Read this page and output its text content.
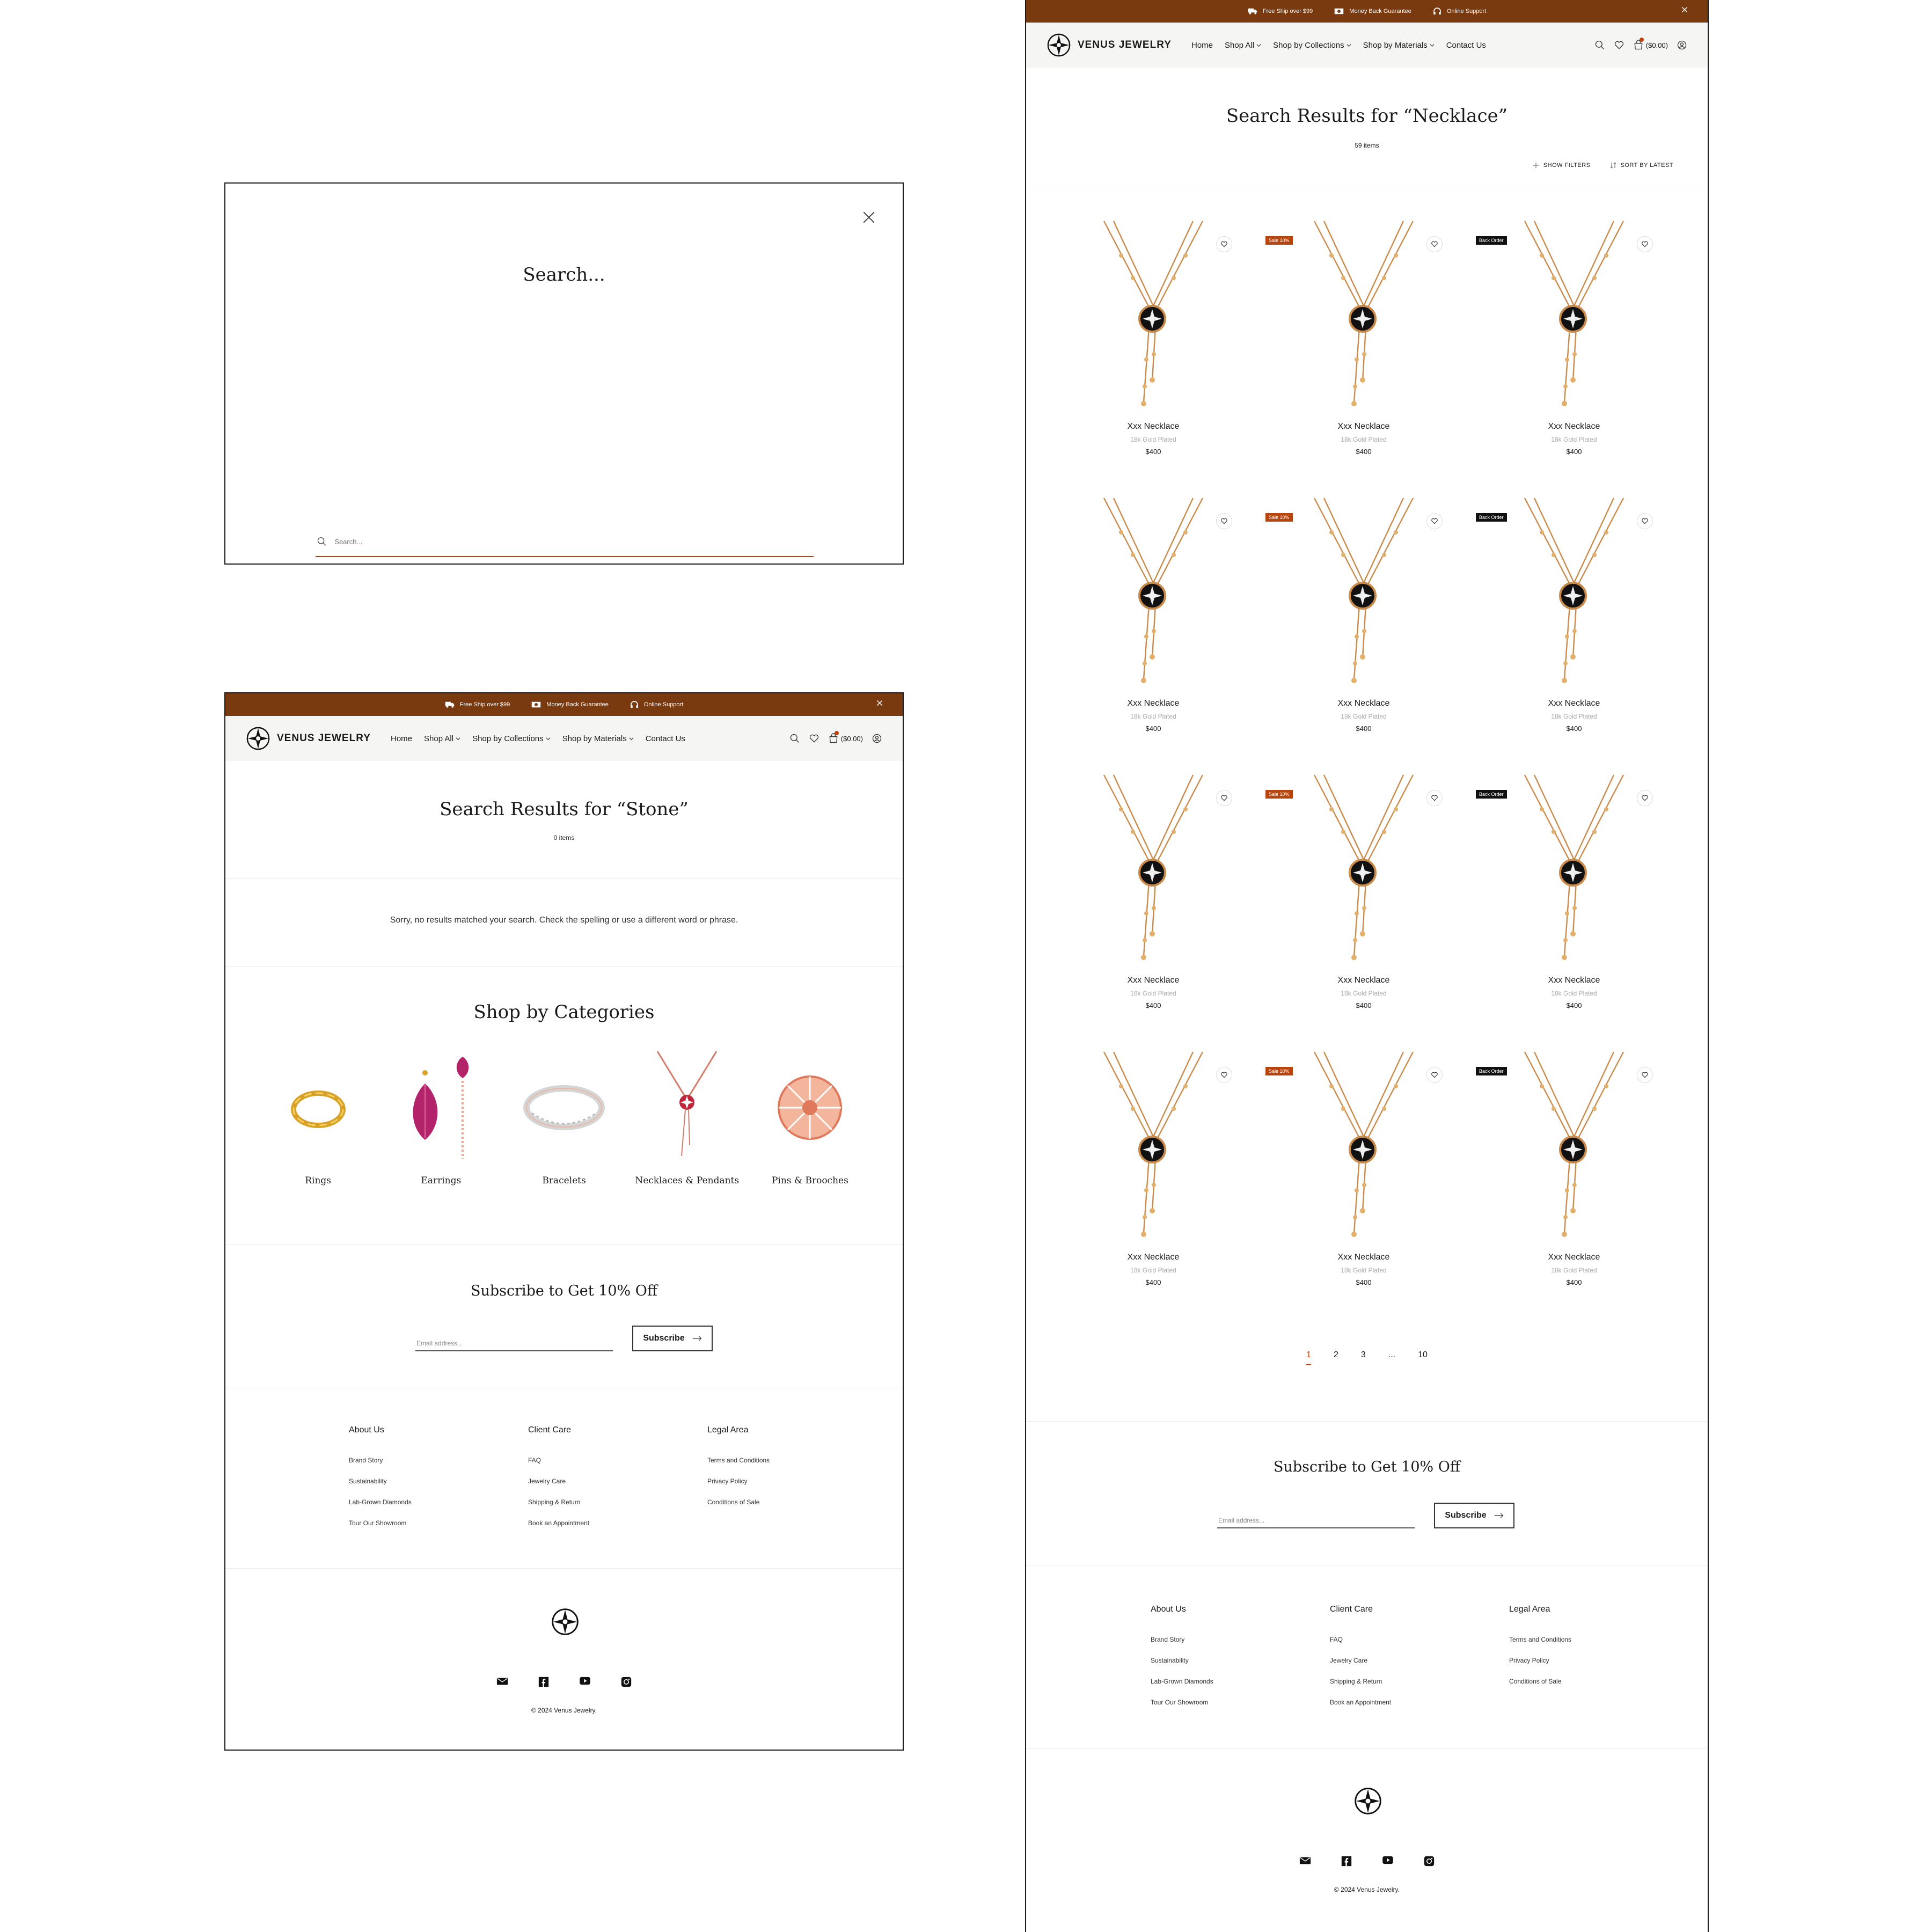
Search...
Search...
Free Ship over $99	Money Back Guarantee	Online Support
VENUS JEWELRY Home Shop All Shop by Collections Shop by Materials Contact Us	($0.00)
Search Results for “Stone”
0 items
Sorry, no results matched your search. Check the spelling or use a different word or phrase.
Shop by Categories
Rings	Earrings	Bracelets	Necklaces & Pendants	Pins & Brooches
Subscribe to Get 10% Off
Email address...
Subscribe
About Us
Brand Story
Sustainability
Lab-Grown Diamonds
Tour Our Showroom
Client Care
FAQ
Jewelry Care
Shipping & Return
Book an Appointment
Legal Area
Terms and Conditions
Privacy Policy
Conditions of Sale
© 2024 Venus Jewelry.
Free Ship over $99	Money Back Guarantee	Online Support
VENUS JEWELRY Home Shop All Shop by Collections Shop by Materials Contact Us	($0.00)
Search Results for “Necklace”
59 items
SHOW FILTERS	SORT BY LATEST
Xxx Necklace
18k Gold Plated
$400
Sale 10%
Xxx Necklace
18k Gold Plated
$400
Back Order
Xxx Necklace
18k Gold Plated
$400
Xxx Necklace
18k Gold Plated
$400
Sale 10%
Xxx Necklace
18k Gold Plated
$400
Back Order
Xxx Necklace
18k Gold Plated
$400
Xxx Necklace
18k Gold Plated
$400
Sale 10%
Xxx Necklace
18k Gold Plated
$400
Back Order
Xxx Necklace
18k Gold Plated
$400
Xxx Necklace
18k Gold Plated
$400
Sale 10%
Xxx Necklace
18k Gold Plated
$400
Back Order
Xxx Necklace
18k Gold Plated
$400
1	2	3	...	10
Subscribe to Get 10% Off
Email address...
Subscribe
About Us
Brand Story
Sustainability
Lab-Grown Diamonds
Tour Our Showroom
Client Care
FAQ
Jewelry Care
Shipping & Return
Book an Appointment
Legal Area
Terms and Conditions
Privacy Policy
Conditions of Sale
© 2024 Venus Jewelry.
